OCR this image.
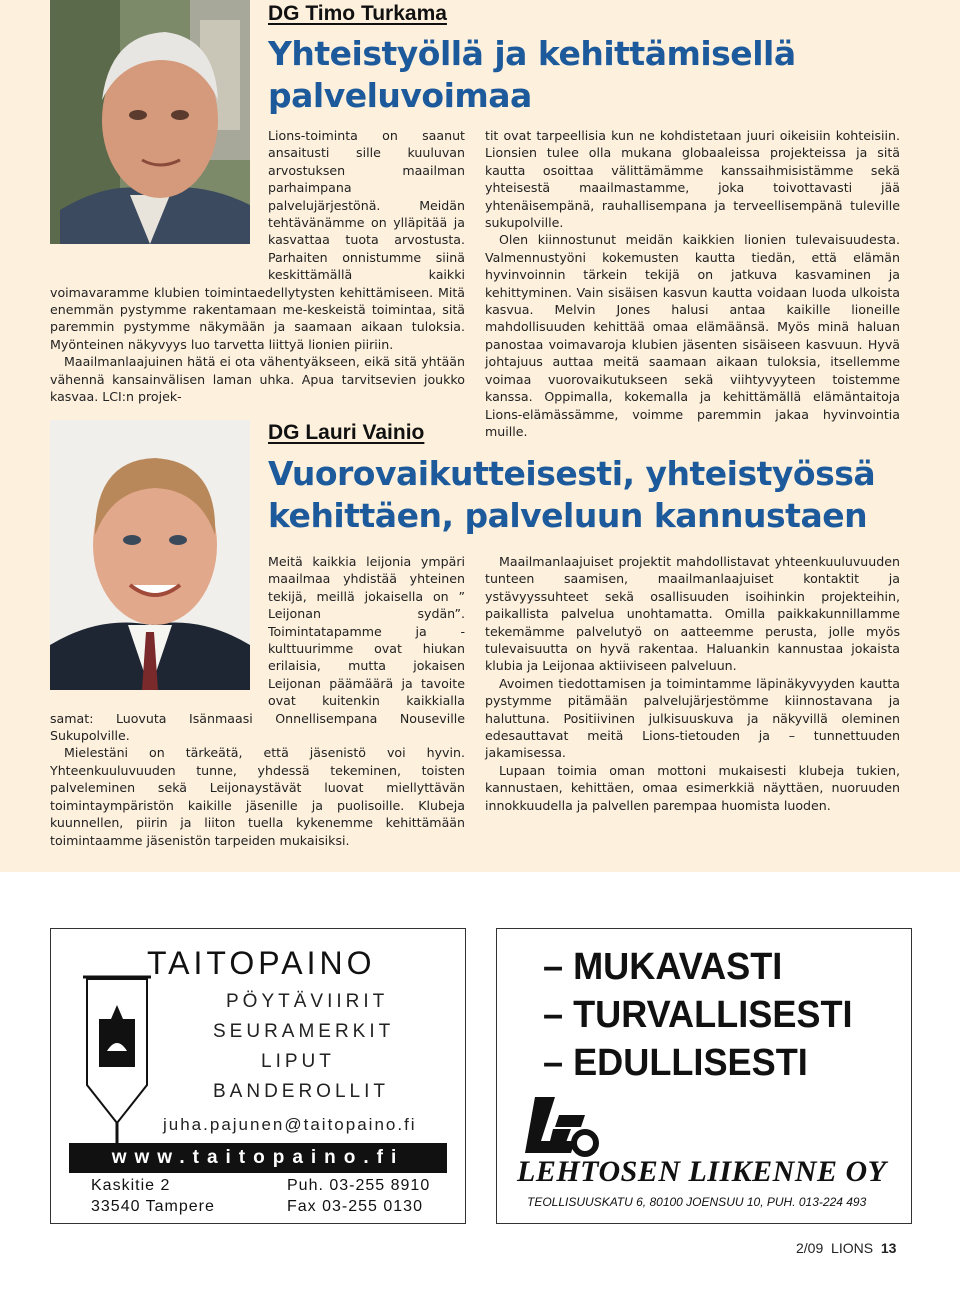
DG Timo Turkama
Yhteistyöllä ja kehittämisellä
palveluvoimaa

Lions-toiminta on saanut ansaitusti sille kuuluvan arvostuksen maailman parhaimpana palvelujärjestönä. Meidän tehtävänämme on ylläpitää ja kasvattaa tuota arvostusta. Parhaiten onnistumme siinä keskittämällä kaikki voimavaramme klubien toimintaedellytysten kehittämiseen. Mitä enemmän pystymme rakentamaan me-keskeistä toimintaa, sitä paremmin pystymme näkymään ja saamaan aikaan tuloksia. Myönteinen näkyvyys luo tarvetta liittyä lionien piiriin.

Maailmanlaajuinen hätä ei ota vähentyäkseen, eikä sitä yhtään vähennä kansainvälisen laman uhka. Apua tarvitsevien joukko kasvaa. LCI:n projek-

tit ovat tarpeellisia kun ne kohdistetaan juuri oikeisiin kohteisiin. Lionsien tulee olla mukana globaaleissa projekteissa ja sitä kautta osoittaa välittämämme kanssaihmisistämme sekä yhteisestä maailmastamme, joka toivottavasti jää yhtenäisempänä, rauhallisempana ja terveellisempänä tuleville sukupolville.

Olen kiinnostunut meidän kaikkien lionien tulevaisuudesta. Valmennustyöni kokemusten kautta tiedän, että elämän hyvinvoinnin tärkein tekijä on jatkuva kasvaminen ja kehittyminen. Vain sisäisen kasvun kautta voidaan luoda ulkoista kasvua. Melvin Jones halusi antaa kaikille lioneille mahdollisuuden kehittää omaa elämäänsä. Myös minä haluan panostaa voimavaroja klubien jäsenten sisäiseen kasvuun. Hyvä johtajuus auttaa meitä saamaan aikaan tuloksia, itsellemme voimaa vuorovaikutukseen sekä viihtyvyyteen toistemme kanssa. Oppimalla, kokemalla ja kehittämällä elämäntaitoja Lions-elämässämme, voimme paremmin jakaa hyvinvointia muille.

DG Lauri Vainio
Vuorovaikutteisesti, yhteistyössä
kehittäen, palveluun kannustaen

Meitä kaikkia leijonia ympäri maailmaa yhdistää yhteinen tekijä, meillä jokaisella on ” Leijonan sydän”. Toimintatapamme ja -kulttuurimme ovat hiukan erilaisia, mutta jokaisen Leijonan päämäärä ja tavoite ovat kuitenkin kaikkialla samat: Luovuta Isänmaasi Onnellisempana Nouseville Sukupolville.

Mielestäni on tärkeätä, että jäsenistö voi hyvin. Yhteenkuuluvuuden tunne, yhdessä tekeminen, toisten palveleminen sekä Leijonaystävät luovat miellyttävän toimintaympäristön kaikille jäsenille ja puolisoille. Klubeja kuunnellen, piirin ja liiton tuella kykenemme kehittämään toimintaamme jäsenistön tarpeiden mukaisiksi.

Maailmanlaajuiset projektit mahdollistavat yhteenkuuluvuuden tunteen saamisen, maailmanlaajuiset kontaktit ja ystävyyssuhteet sekä osallisuuden isoihinkin projekteihin, paikallista palvelua unohtamatta. Omilla paikkakunnillamme tekemämme palvelutyö on aatteemme perusta, jolle myös tulevaisuutta on hyvä rakentaa. Haluankin kannustaa jokaista klubia ja Leijonaa aktiiviseen palveluun.

Avoimen tiedottamisen ja toimintamme läpinäkyvyyden kautta pystymme pitämään palvelujärjestömme kiinnostavana ja haluttuna. Positiivinen julkisuuskuva ja näkyvillä oleminen edesauttavat meitä Lions-tietouden ja – tunnettuuden jakamisessa.

Lupaan toimia oman mottoni mukaisesti klubeja tukien, kannustaen, kehittäen, omaa esimerkkiä näyttäen, nuoruuden innokkuudella ja palvellen parempaa huomista luoden.

TAITOPAINO
PÖYTÄVIIRIT
SEURAMERKIT
LIPUT
BANDEROLLIT
juha.pajunen@taitopaino.fi
www.taitopaino.fi
Kaskitie 2
33540 Tampere
Puh. 03-255 8910
Fax 03-255 0130
– MUKAVASTI
– TURVALLISESTI
– EDULLISESTI
LEHTOSEN LIIKENNE OY
TEOLLISUUSKATU 6, 80100 JOENSUU 10, PUH. 013-224 493
2/09 LIONS 13
